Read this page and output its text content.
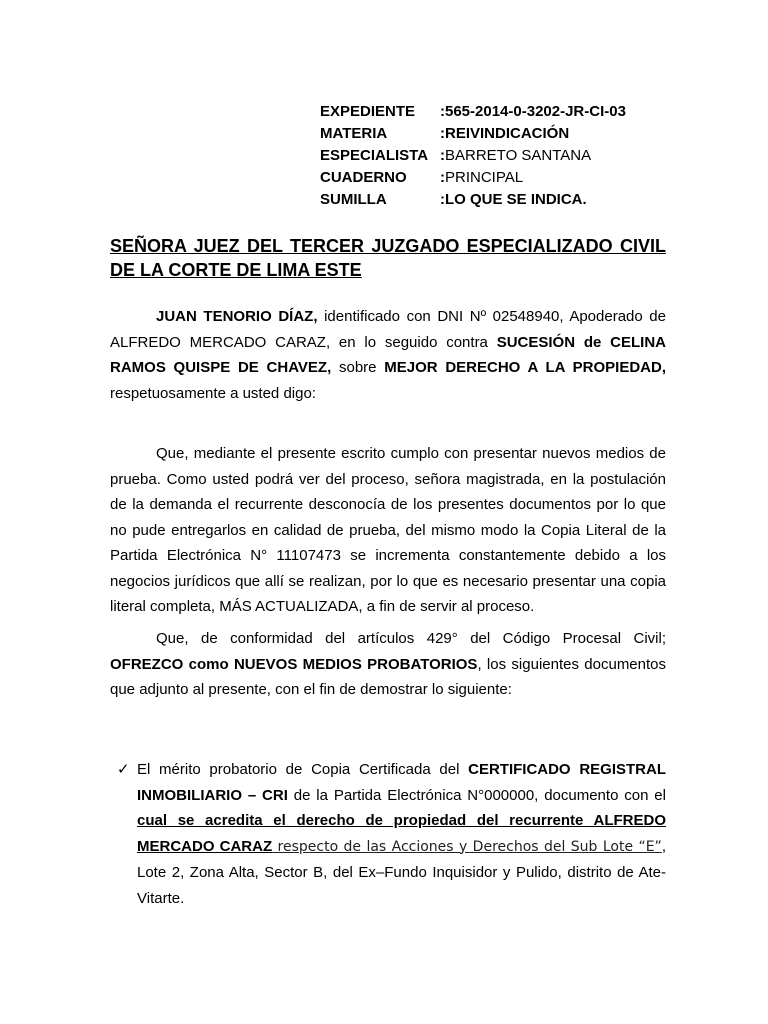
EXPEDIENTE	: 565-2014-0-3202-JR-CI-03
MATERIA	: REIVINDICACIÓN
ESPECIALISTA : BARRETO SANTANA
CUADERNO	: PRINCIPAL
SUMILLA	: LO QUE SE INDICA.
SEÑORA JUEZ DEL TERCER JUZGADO ESPECIALIZADO CIVIL
DE LA CORTE DE LIMA ESTE

JUAN TENORIO DÍAZ, identificado con DNI Nº 02548940, Apoderado de ALFREDO MERCADO CARAZ, en lo seguido contra SUCESIÓN de CELINA RAMOS QUISPE DE CHAVEZ, sobre MEJOR DERECHO A LA PROPIEDAD, respetuosamente a usted digo:

Que, mediante el presente escrito cumplo con presentar nuevos medios de prueba. Como usted podrá ver del proceso, señora magistrada, en la postulación de la demanda el recurrente desconocía de los presentes documentos por lo que no pude entregarlos en calidad de prueba, del mismo modo la Copia Literal de la Partida Electrónica N° 11107473 se incrementa constantemente debido a los negocios jurídicos que allí se realizan, por lo que es necesario presentar una copia literal completa, MÁS ACTUALIZADA, a fin de servir al proceso.

Que, de conformidad del artículos 429° del Código Procesal Civil; OFREZCO como NUEVOS MEDIOS PROBATORIOS, los siguientes documentos que adjunto al presente, con el fin de demostrar lo siguiente:

✓ El mérito probatorio de Copia Certificada del CERTIFICADO REGISTRAL INMOBILIARIO – CRI de la Partida Electrónica N°000000, documento con el cual se acredita el derecho de propiedad del recurrente ALFREDO MERCADO CARAZ respecto de las Acciones y Derechos del Sub Lote “E”, Lote 2, Zona Alta, Sector B, del Ex–Fundo Inquisidor y Pulido, distrito de Ate-Vitarte.
